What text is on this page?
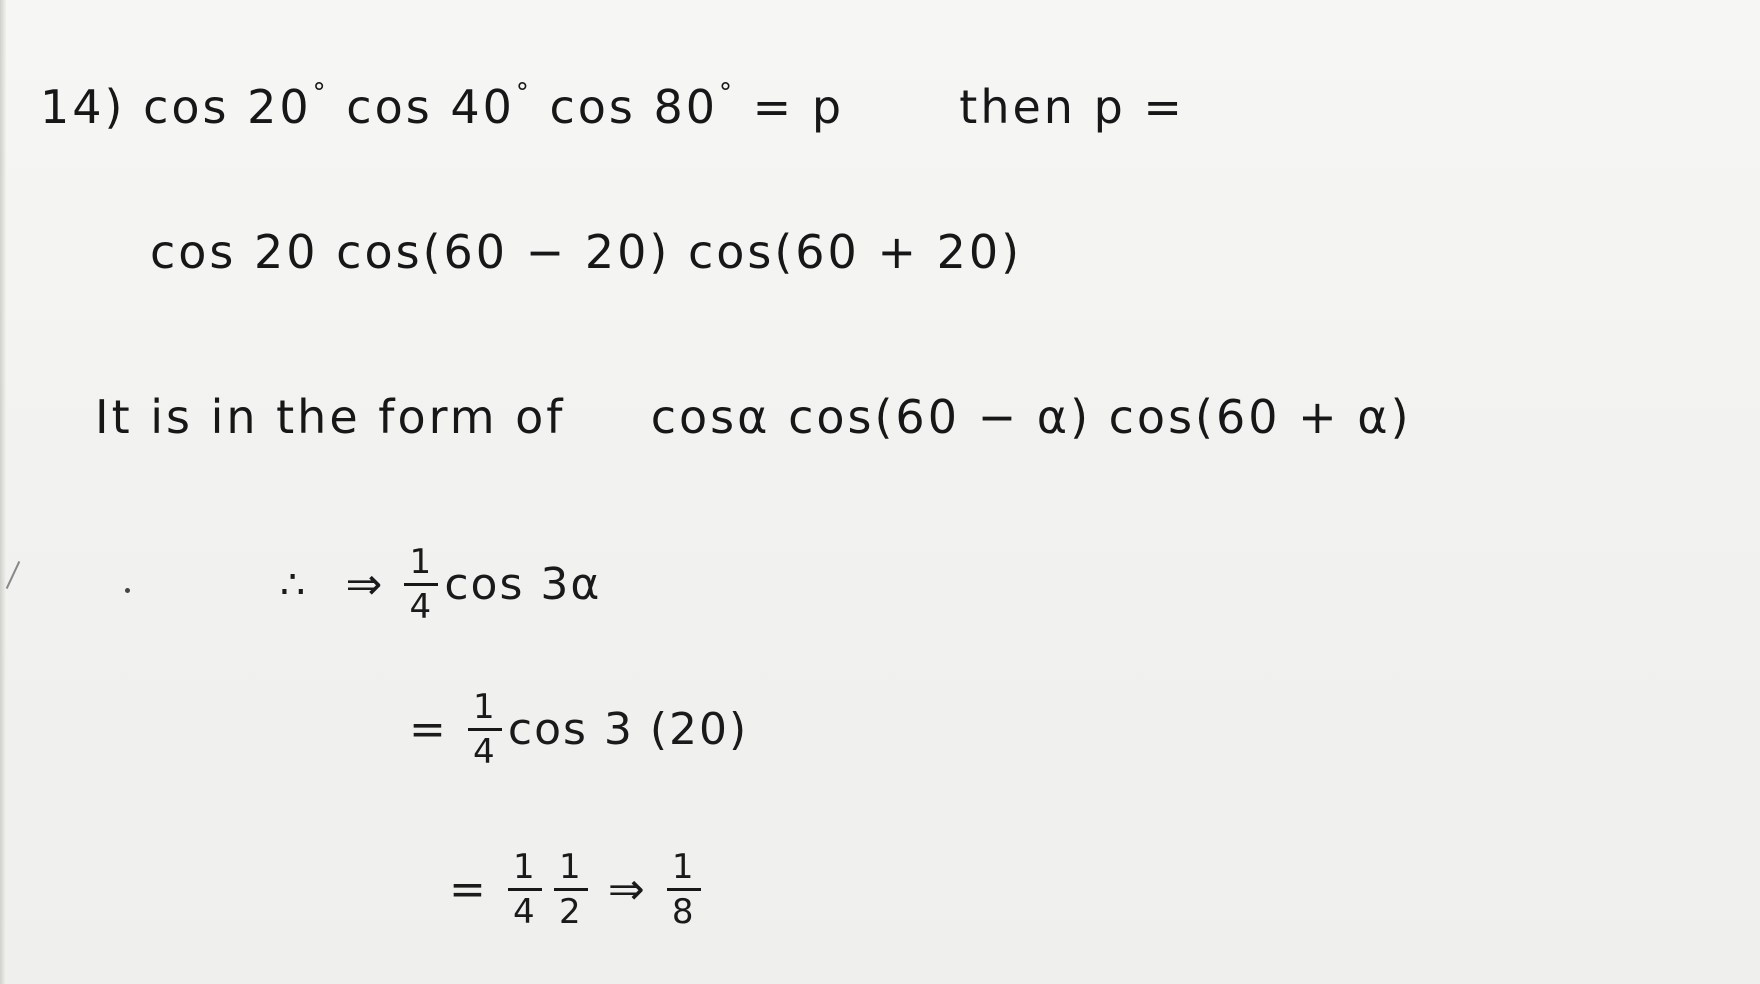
14) cos 20° cos 40° cos 80° = p	then p =
cos 20 cos(60 − 20) cos(60 + 20)
It is in the form of cosα cos(60 − α) cos(60 + α)
∴ ⇒ $\frac{1}{4}$ cos 3α
= $\frac{1}{4}$ cos 3 (20)
= $\frac{1}{4} \frac{1}{2}$ ⇒ $\frac{1}{8}$
